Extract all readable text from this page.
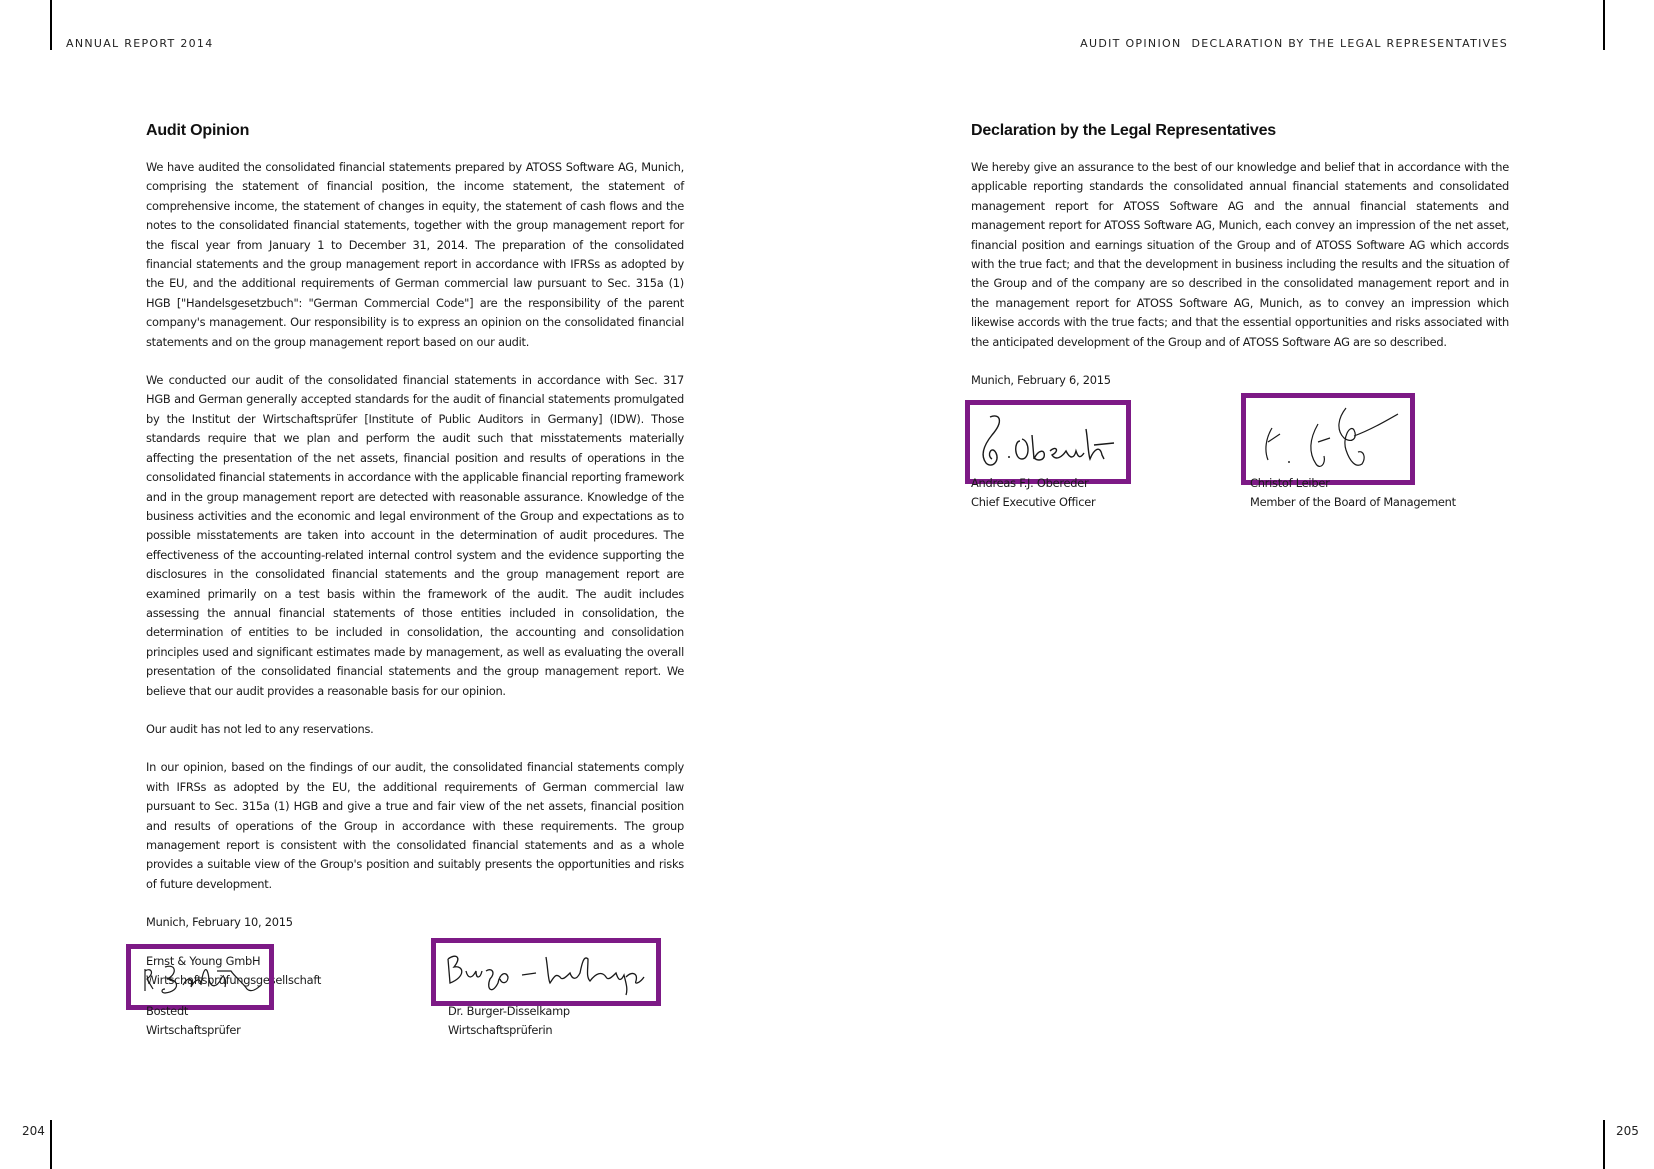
ANNUAL REPORT 2014	AUDIT OPINION DECLARATION BY THE LEGAL REPRESENTATIVES
204	205
Audit Opinion

We have audited the consolidated financial statements prepared by ATOSS Software AG, Munich, comprising the statement of financial position, the income statement, the statement of comprehensive income, the statement of changes in equity, the statement of cash flows and the notes to the consolidated financial statements, together with the group management report for the fiscal year from January 1 to December 31, 2014. The preparation of the consolidated financial statements and the group management report in accordance with IFRSs as adopted by the EU, and the additional requirements of German commercial law pursuant to Sec. 315a (1) HGB ["Handelsgesetzbuch": "German Commercial Code"] are the responsibility of the parent company's management. Our responsibility is to express an opinion on the consolidated financial statements and on the group management report based on our audit.

We conducted our audit of the consolidated financial statements in accordance with Sec. 317 HGB and German generally accepted standards for the audit of financial statements promulgated by the Institut der Wirtschaftsprüfer [Institute of Public Auditors in Germany] (IDW). Those standards require that we plan and perform the audit such that misstatements materially affecting the presentation of the net assets, financial position and results of operations in the consolidated financial statements in accordance with the applicable financial reporting framework and in the group management report are detected with reasonable assurance. Knowledge of the business activities and the economic and legal environment of the Group and expectations as to possible misstatements are taken into account in the determination of audit procedures. The effectiveness of the accounting-related internal control system and the evidence supporting the disclosures in the consolidated financial statements and the group management report are examined primarily on a test basis within the framework of the audit. The audit includes assessing the annual financial statements of those entities included in consolidation, the determination of entities to be included in consolidation, the accounting and consolidation principles used and significant estimates made by management, as well as evaluating the overall presentation of the consolidated financial statements and the group management report. We believe that our audit provides a reasonable basis for our opinion.

Our audit has not led to any reservations.

In our opinion, based on the findings of our audit, the consolidated financial statements comply with IFRSs as adopted by the EU, the additional requirements of German commercial law pursuant to Sec. 315a (1) HGB and give a true and fair view of the net assets, financial position and results of operations of the Group in accordance with these requirements. The group management report is consistent with the consolidated financial statements and as a whole provides a suitable view of the Group's position and suitably presents the opportunities and risks of future development.

Munich, February 10, 2015
Ernst & Young GmbH
Wirtschaftsprüfungsgesellschaft
Bostedt
Wirtschaftsprüfer
Dr. Burger-Disselkamp
Wirtschaftsprüferin
Declaration by the Legal Representatives

We hereby give an assurance to the best of our knowledge and belief that in accordance with the applicable reporting standards the consolidated annual financial statements and consolidated management report for ATOSS Software AG and the annual financial statements and management report for ATOSS Software AG, Munich, each convey an impression of the net asset, financial position and earnings situation of the Group and of ATOSS Software AG which accords with the true fact; and that the development in business including the results and the situation of the Group and of the company are so described in the consolidated management report and in the management report for ATOSS Software AG, Munich, as to convey an impression which likewise accords with the true facts; and that the essential opportunities and risks associated with the anticipated development of the Group and of ATOSS Software AG are so described.

Munich, February 6, 2015
Andreas F.J. Obereder
Chief Executive Officer
Christof Leiber
Member of the Board of Management
